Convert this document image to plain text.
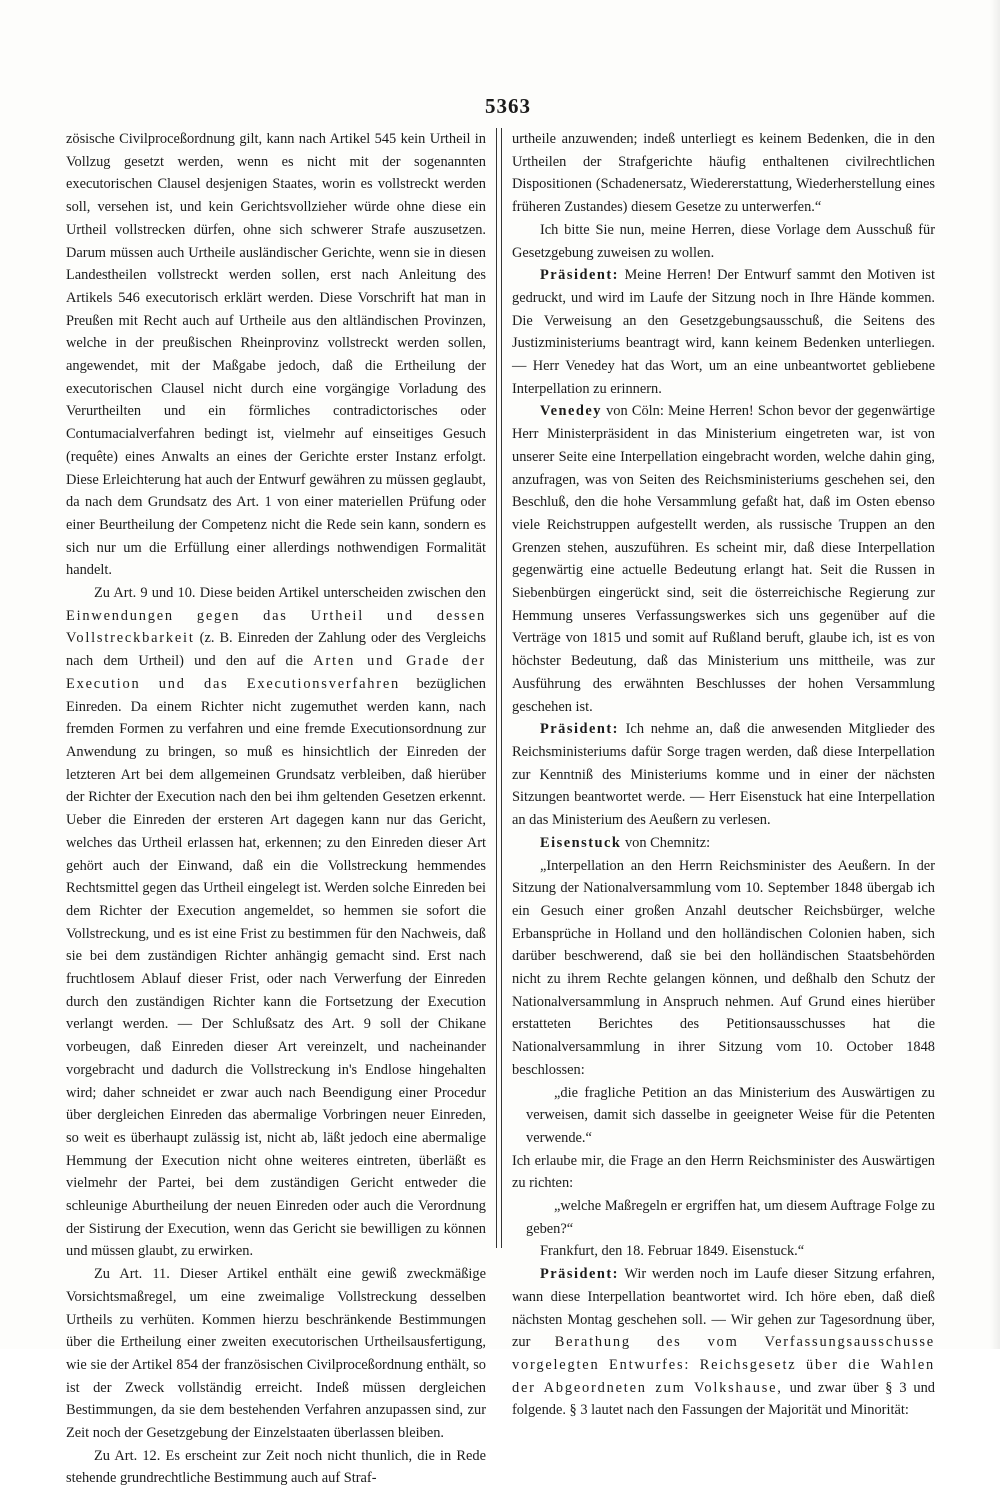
5363

zösische Civilproceßordnung gilt, kann nach Artikel 545 kein Urtheil in Vollzug gesetzt werden, wenn es nicht mit der sogenannten executorischen Clausel desjenigen Staates, worin es vollstreckt werden soll, versehen ist, und kein Gerichtsvollzieher würde ohne diese ein Urtheil vollstrecken dürfen, ohne sich schwerer Strafe auszusetzen. Darum müssen auch Urtheile ausländischer Gerichte, wenn sie in diesen Landestheilen vollstreckt werden sollen, erst nach Anleitung des Artikels 546 executorisch erklärt werden. Diese Vorschrift hat man in Preußen mit Recht auch auf Urtheile aus den altländischen Provinzen, welche in der preußischen Rheinprovinz vollstreckt werden sollen, angewendet, mit der Maßgabe jedoch, daß die Ertheilung der executorischen Clausel nicht durch eine vorgängige Vorladung des Verurtheilten und ein förmliches contradictorisches oder Contumacialverfahren bedingt ist, vielmehr auf einseitiges Gesuch (requête) eines Anwalts an eines der Gerichte erster Instanz erfolgt. Diese Erleichterung hat auch der Entwurf gewähren zu müssen geglaubt, da nach dem Grundsatz des Art. 1 von einer materiellen Prüfung oder einer Beurtheilung der Competenz nicht die Rede sein kann, sondern es sich nur um die Erfüllung einer allerdings nothwendigen Formalität handelt.

Zu Art. 9 und 10. Diese beiden Artikel unterscheiden zwischen den Einwendungen gegen das Urtheil und dessen Vollstreckbarkeit (z. B. Einreden der Zahlung oder des Vergleichs nach dem Urtheil) und den auf die Arten und Grade der Execution und das Executionsverfahren bezüglichen Einreden. Da einem Richter nicht zugemuthet werden kann, nach fremden Formen zu verfahren und eine fremde Executionsordnung zur Anwendung zu bringen, so muß es hinsichtlich der Einreden der letzteren Art bei dem allgemeinen Grundsatz verbleiben, daß hierüber der Richter der Execution nach den bei ihm geltenden Gesetzen erkennt. Ueber die Einreden der ersteren Art dagegen kann nur das Gericht, welches das Urtheil erlassen hat, erkennen; zu den Einreden dieser Art gehört auch der Einwand, daß ein die Vollstreckung hemmendes Rechtsmittel gegen das Urtheil eingelegt ist. Werden solche Einreden bei dem Richter der Execution angemeldet, so hemmen sie sofort die Vollstreckung, und es ist eine Frist zu bestimmen für den Nachweis, daß sie bei dem zuständigen Richter anhängig gemacht sind. Erst nach fruchtlosem Ablauf dieser Frist, oder nach Verwerfung der Einreden durch den zuständigen Richter kann die Fortsetzung der Execution verlangt werden. — Der Schlußsatz des Art. 9 soll der Chikane vorbeugen, daß Einreden dieser Art vereinzelt, und nacheinander vorgebracht und dadurch die Vollstreckung in's Endlose hingehalten wird; daher schneidet er zwar auch nach Beendigung einer Procedur über dergleichen Einreden das abermalige Vorbringen neuer Einreden, so weit es überhaupt zulässig ist, nicht ab, läßt jedoch eine abermalige Hemmung der Execution nicht ohne weiteres eintreten, überläßt es vielmehr der Partei, bei dem zuständigen Gericht entweder die schleunige Aburtheilung der neuen Einreden oder auch die Verordnung der Sistirung der Execution, wenn das Gericht sie bewilligen zu können und müssen glaubt, zu erwirken.

Zu Art. 11. Dieser Artikel enthält eine gewiß zweckmäßige Vorsichtsmaßregel, um eine zweimalige Vollstreckung desselben Urtheils zu verhüten. Kommen hierzu beschränkende Bestimmungen über die Ertheilung einer zweiten executorischen Urtheilsausfertigung, wie sie der Artikel 854 der französischen Civilproceßordnung enthält, so ist der Zweck vollständig erreicht. Indeß müssen dergleichen Bestimmungen, da sie dem bestehenden Verfahren anzupassen sind, zur Zeit noch der Gesetzgebung der Einzelstaaten überlassen bleiben.

Zu Art. 12. Es erscheint zur Zeit noch nicht thunlich, die in Rede stehende grundrechtliche Bestimmung auch auf Straf-

urtheile anzuwenden; indeß unterliegt es keinem Bedenken, die in den Urtheilen der Strafgerichte häufig enthaltenen civilrechtlichen Dispositionen (Schadenersatz, Wiedererstattung, Wiederherstellung eines früheren Zustandes) diesem Gesetze zu unterwerfen.“

Ich bitte Sie nun, meine Herren, diese Vorlage dem Ausschuß für Gesetzgebung zuweisen zu wollen.

Präsident: Meine Herren! Der Entwurf sammt den Motiven ist gedruckt, und wird im Laufe der Sitzung noch in Ihre Hände kommen. Die Verweisung an den Gesetzgebungsausschuß, die Seitens des Justizministeriums beantragt wird, kann keinem Bedenken unterliegen. — Herr Venedey hat das Wort, um an eine unbeantwortet gebliebene Interpellation zu erinnern.

Venedey von Cöln: Meine Herren! Schon bevor der gegenwärtige Herr Ministerpräsident in das Ministerium eingetreten war, ist von unserer Seite eine Interpellation eingebracht worden, welche dahin ging, anzufragen, was von Seiten des Reichsministeriums geschehen sei, den Beschluß, den die hohe Versammlung gefaßt hat, daß im Osten ebenso viele Reichstruppen aufgestellt werden, als russische Truppen an den Grenzen stehen, auszuführen. Es scheint mir, daß diese Interpellation gegenwärtig eine actuelle Bedeutung erlangt hat. Seit die Russen in Siebenbürgen eingerückt sind, seit die österreichische Regierung zur Hemmung unseres Verfassungswerkes sich uns gegenüber auf die Verträge von 1815 und somit auf Rußland beruft, glaube ich, ist es von höchster Bedeutung, daß das Ministerium uns mittheile, was zur Ausführung des erwähnten Beschlusses der hohen Versammlung geschehen ist.

Präsident: Ich nehme an, daß die anwesenden Mitglieder des Reichsministeriums dafür Sorge tragen werden, daß diese Interpellation zur Kenntniß des Ministeriums komme und in einer der nächsten Sitzungen beantwortet werde. — Herr Eisenstuck hat eine Interpellation an das Ministerium des Aeußern zu verlesen.

Eisenstuck von Chemnitz:

„Interpellation an den Herrn Reichsminister des Aeußern. In der Sitzung der Nationalversammlung vom 10. September 1848 übergab ich ein Gesuch einer großen Anzahl deutscher Reichsbürger, welche Erbansprüche in Holland und den holländischen Colonien haben, sich darüber beschwerend, daß sie bei den holländischen Staatsbehörden nicht zu ihrem Rechte gelangen können, und deßhalb den Schutz der Nationalversammlung in Anspruch nehmen. Auf Grund eines hierüber erstatteten Berichtes des Petitionsausschusses hat die Nationalversammlung in ihrer Sitzung vom 10. October 1848 beschlossen:

„die fragliche Petition an das Ministerium des Auswärtigen zu verweisen, damit sich dasselbe in geeigneter Weise für die Petenten verwende.“

Ich erlaube mir, die Frage an den Herrn Reichsminister des Auswärtigen zu richten:

„welche Maßregeln er ergriffen hat, um diesem Auftrage Folge zu geben?“

Frankfurt, den 18. Februar 1849. Eisenstuck.“

Präsident: Wir werden noch im Laufe dieser Sitzung erfahren, wann diese Interpellation beantwortet wird. Ich höre eben, daß dieß nächsten Montag geschehen soll. — Wir gehen zur Tagesordnung über, zur Berathung des vom Verfassungsausschusse vorgelegten Entwurfes: Reichsgesetz über die Wahlen der Abgeordneten zum Volkshause, und zwar über § 3 und folgende. § 3 lautet nach den Fassungen der Majorität und Minorität:
